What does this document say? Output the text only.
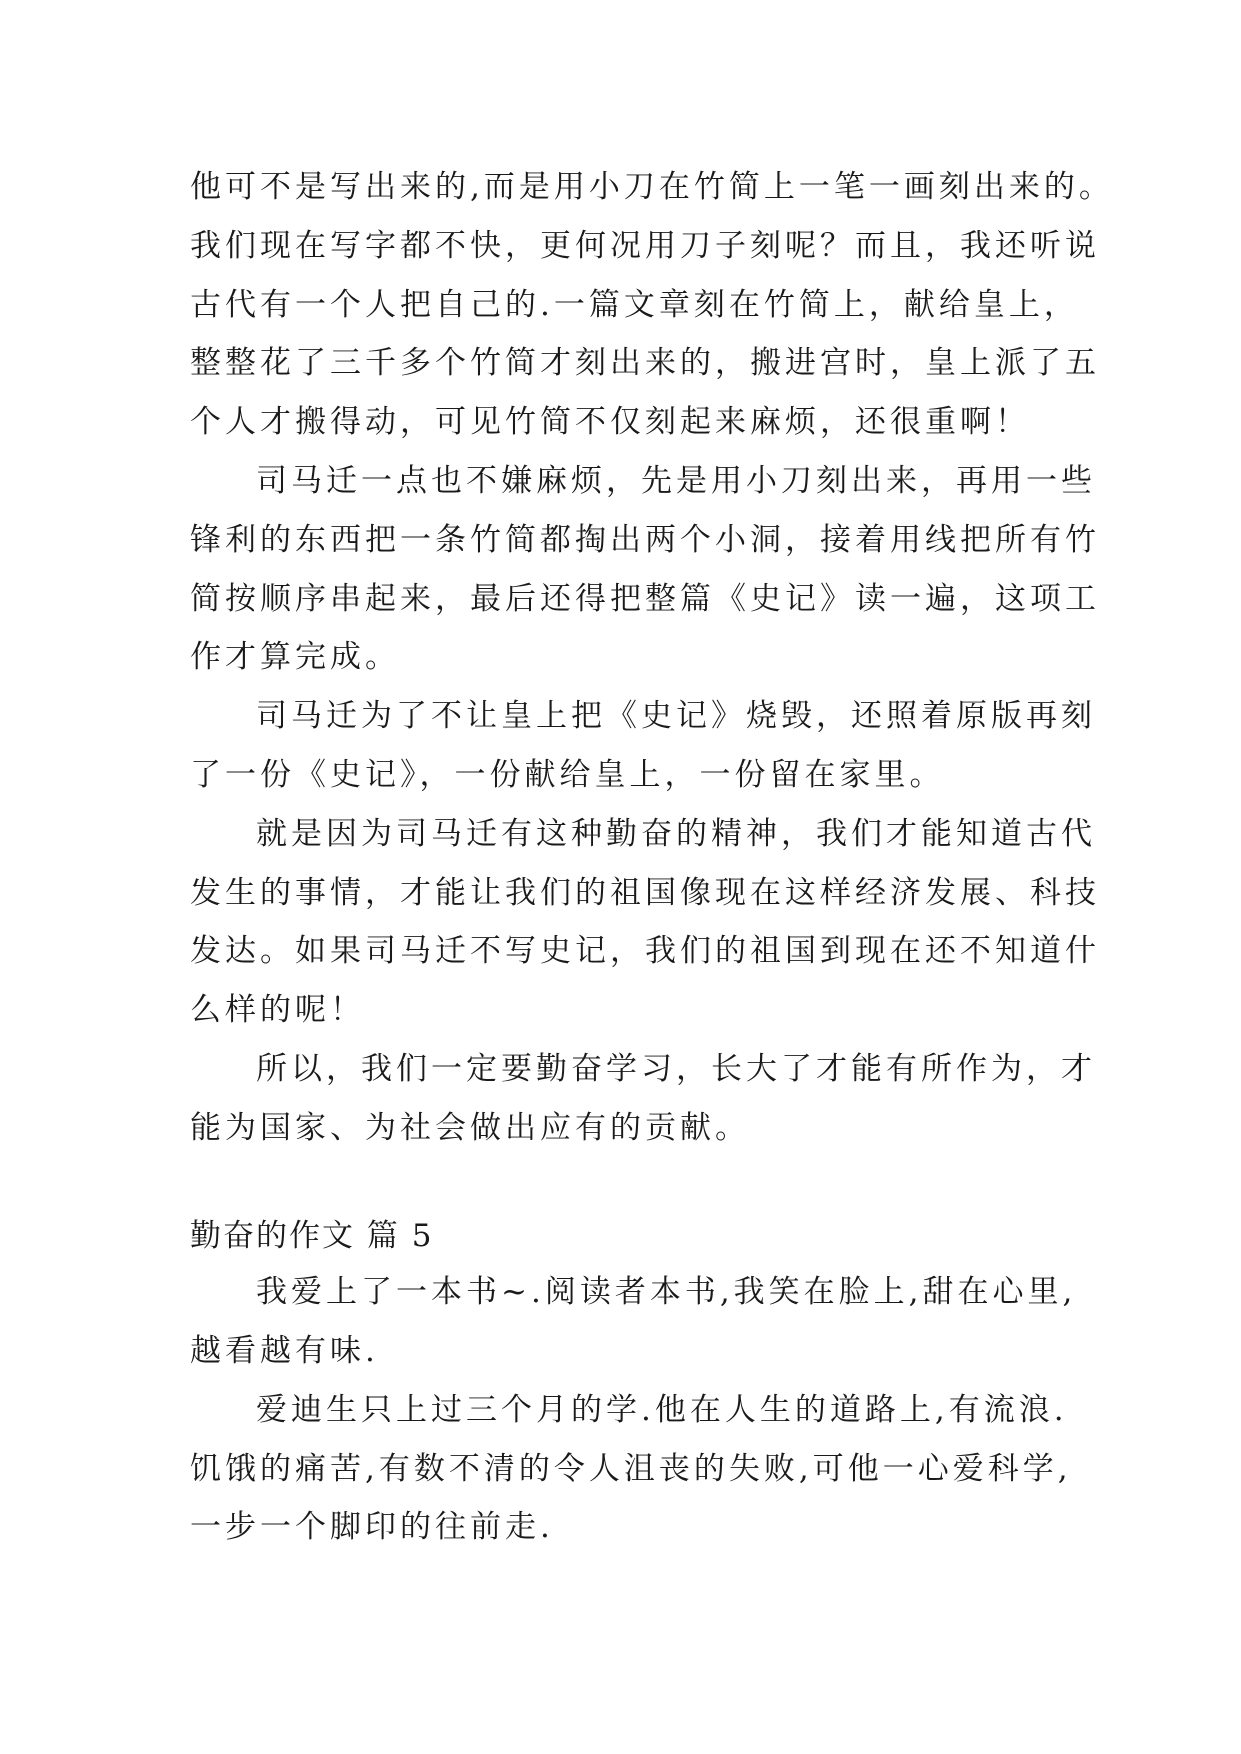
他可不是写出来的,而是用小刀在竹简上一笔一画刻出来的。
我们现在写字都不快，更何况用刀子刻呢？而且，我还听说
古代有一个人把自己的.一篇文章刻在竹简上，献给皇上，
整整花了三千多个竹简才刻出来的，搬进宫时，皇上派了五
个人才搬得动，可见竹简不仅刻起来麻烦，还很重啊！
司马迁一点也不嫌麻烦，先是用小刀刻出来，再用一些
锋利的东西把一条竹简都掏出两个小洞，接着用线把所有竹
简按顺序串起来，最后还得把整篇《史记》读一遍，这项工
作才算完成。
司马迁为了不让皇上把《史记》烧毁，还照着原版再刻
了一份《史记》，一份献给皇上，一份留在家里。
就是因为司马迁有这种勤奋的精神，我们才能知道古代
发生的事情，才能让我们的祖国像现在这样经济发展、科技
发达。如果司马迁不写史记，我们的祖国到现在还不知道什
么样的呢！
所以，我们一定要勤奋学习，长大了才能有所作为，才
能为国家、为社会做出应有的贡献。
勤奋的作文 篇 5
我爱上了一本书~.阅读者本书,我笑在脸上,甜在心里,
越看越有味.
爱迪生只上过三个月的学.他在人生的道路上,有流浪.
饥饿的痛苦,有数不清的令人沮丧的失败,可他一心爱科学,
一步一个脚印的往前走.
